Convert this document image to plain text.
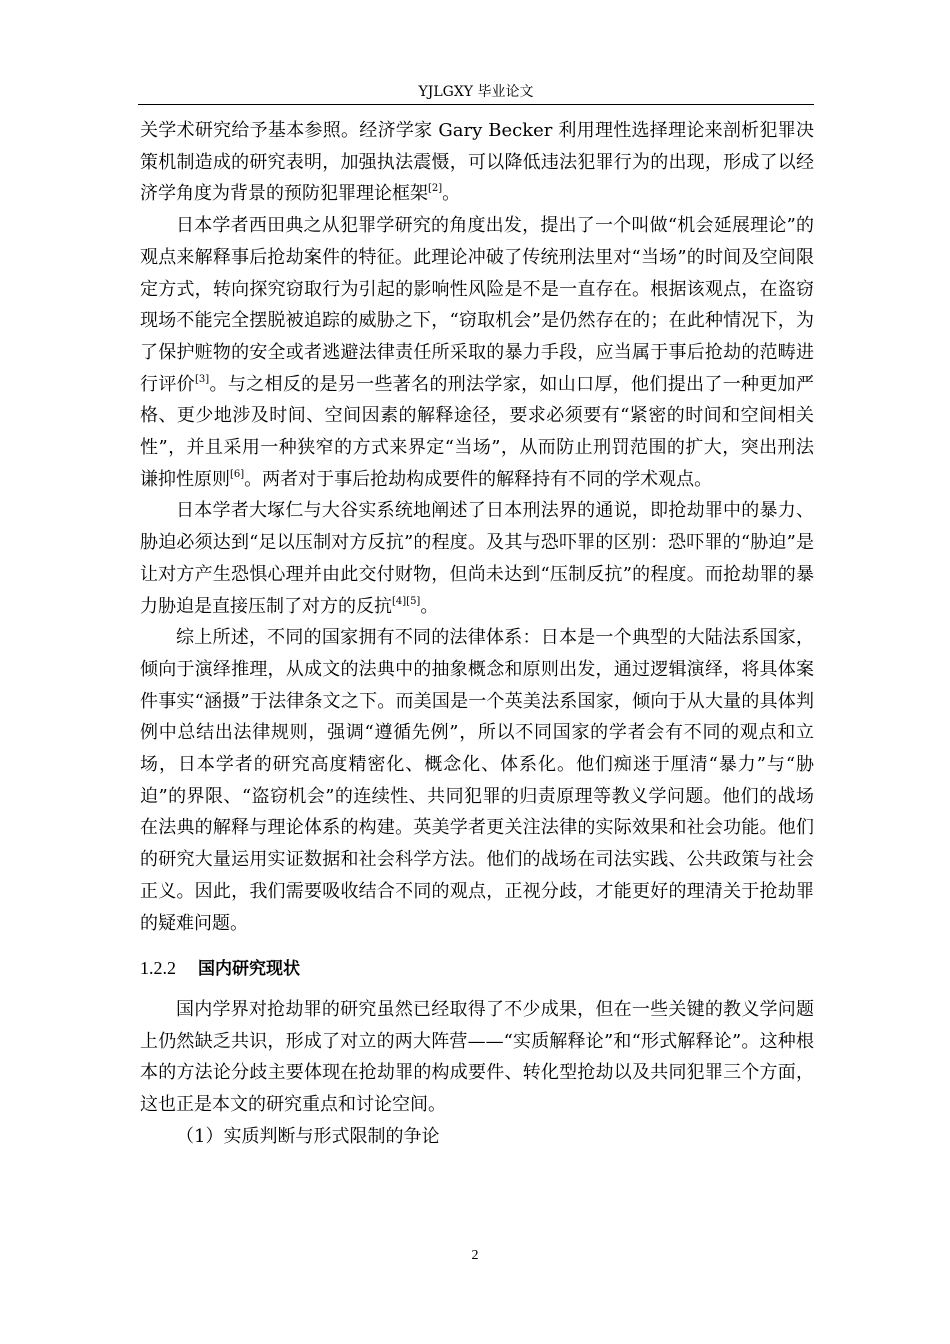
YJLGXY 毕业论文

关学术研究给予基本参照。经济学家 Gary Becker 利用理性选择理论来剖析犯罪决策机制造成的研究表明，加强执法震慑，可以降低违法犯罪行为的出现，形成了以经济学角度为背景的预防犯罪理论框架[2]。

日本学者西田典之从犯罪学研究的角度出发，提出了一个叫做“机会延展理论”的观点来解释事后抢劫案件的特征。此理论冲破了传统刑法里对“当场”的时间及空间限定方式，转向探究窃取行为引起的影响性风险是不是一直存在。根据该观点，在盗窃现场不能完全摆脱被追踪的威胁之下，“窃取机会”是仍然存在的；在此种情况下，为了保护赃物的安全或者逃避法律责任所采取的暴力手段，应当属于事后抢劫的范畴进行评价[3]。与之相反的是另一些著名的刑法学家，如山口厚，他们提出了一种更加严格、更少地涉及时间、空间因素的解释途径，要求必须要有“紧密的时间和空间相关性”，并且采用一种狭窄的方式来界定“当场”，从而防止刑罚范围的扩大，突出刑法谦抑性原则[6]。两者对于事后抢劫构成要件的解释持有不同的学术观点。

日本学者大塚仁与大谷实系统地阐述了日本刑法界的通说，即抢劫罪中的暴力、胁迫必须达到“足以压制对方反抗”的程度。及其与恐吓罪的区别：恐吓罪的“胁迫”是让对方产生恐惧心理并由此交付财物，但尚未达到“压制反抗”的程度。而抢劫罪的暴力胁迫是直接压制了对方的反抗[4][5]。

综上所述，不同的国家拥有不同的法律体系：日本是一个典型的大陆法系国家，倾向于演绎推理，从成文的法典中的抽象概念和原则出发，通过逻辑演绎，将具体案件事实“涵摄”于法律条文之下。而美国是一个英美法系国家，倾向于从大量的具体判例中总结出法律规则，强调“遵循先例”，所以不同国家的学者会有不同的观点和立场，日本学者的研究高度精密化、概念化、体系化。他们痴迷于厘清“暴力”与“胁迫”的界限、“盗窃机会”的连续性、共同犯罪的归责原理等教义学问题。他们的战场在法典的解释与理论体系的构建。英美学者更关注法律的实际效果和社会功能。他们的研究大量运用实证数据和社会科学方法。他们的战场在司法实践、公共政策与社会正义。因此，我们需要吸收结合不同的观点，正视分歧，才能更好的理清关于抢劫罪的疑难问题。

1.2.2 国内研究现状

国内学界对抢劫罪的研究虽然已经取得了不少成果，但在一些关键的教义学问题上仍然缺乏共识，形成了对立的两大阵营——“实质解释论”和“形式解释论”。这种根本的方法论分歧主要体现在抢劫罪的构成要件、转化型抢劫以及共同犯罪三个方面，这也正是本文的研究重点和讨论空间。

（1）实质判断与形式限制的争论

2
